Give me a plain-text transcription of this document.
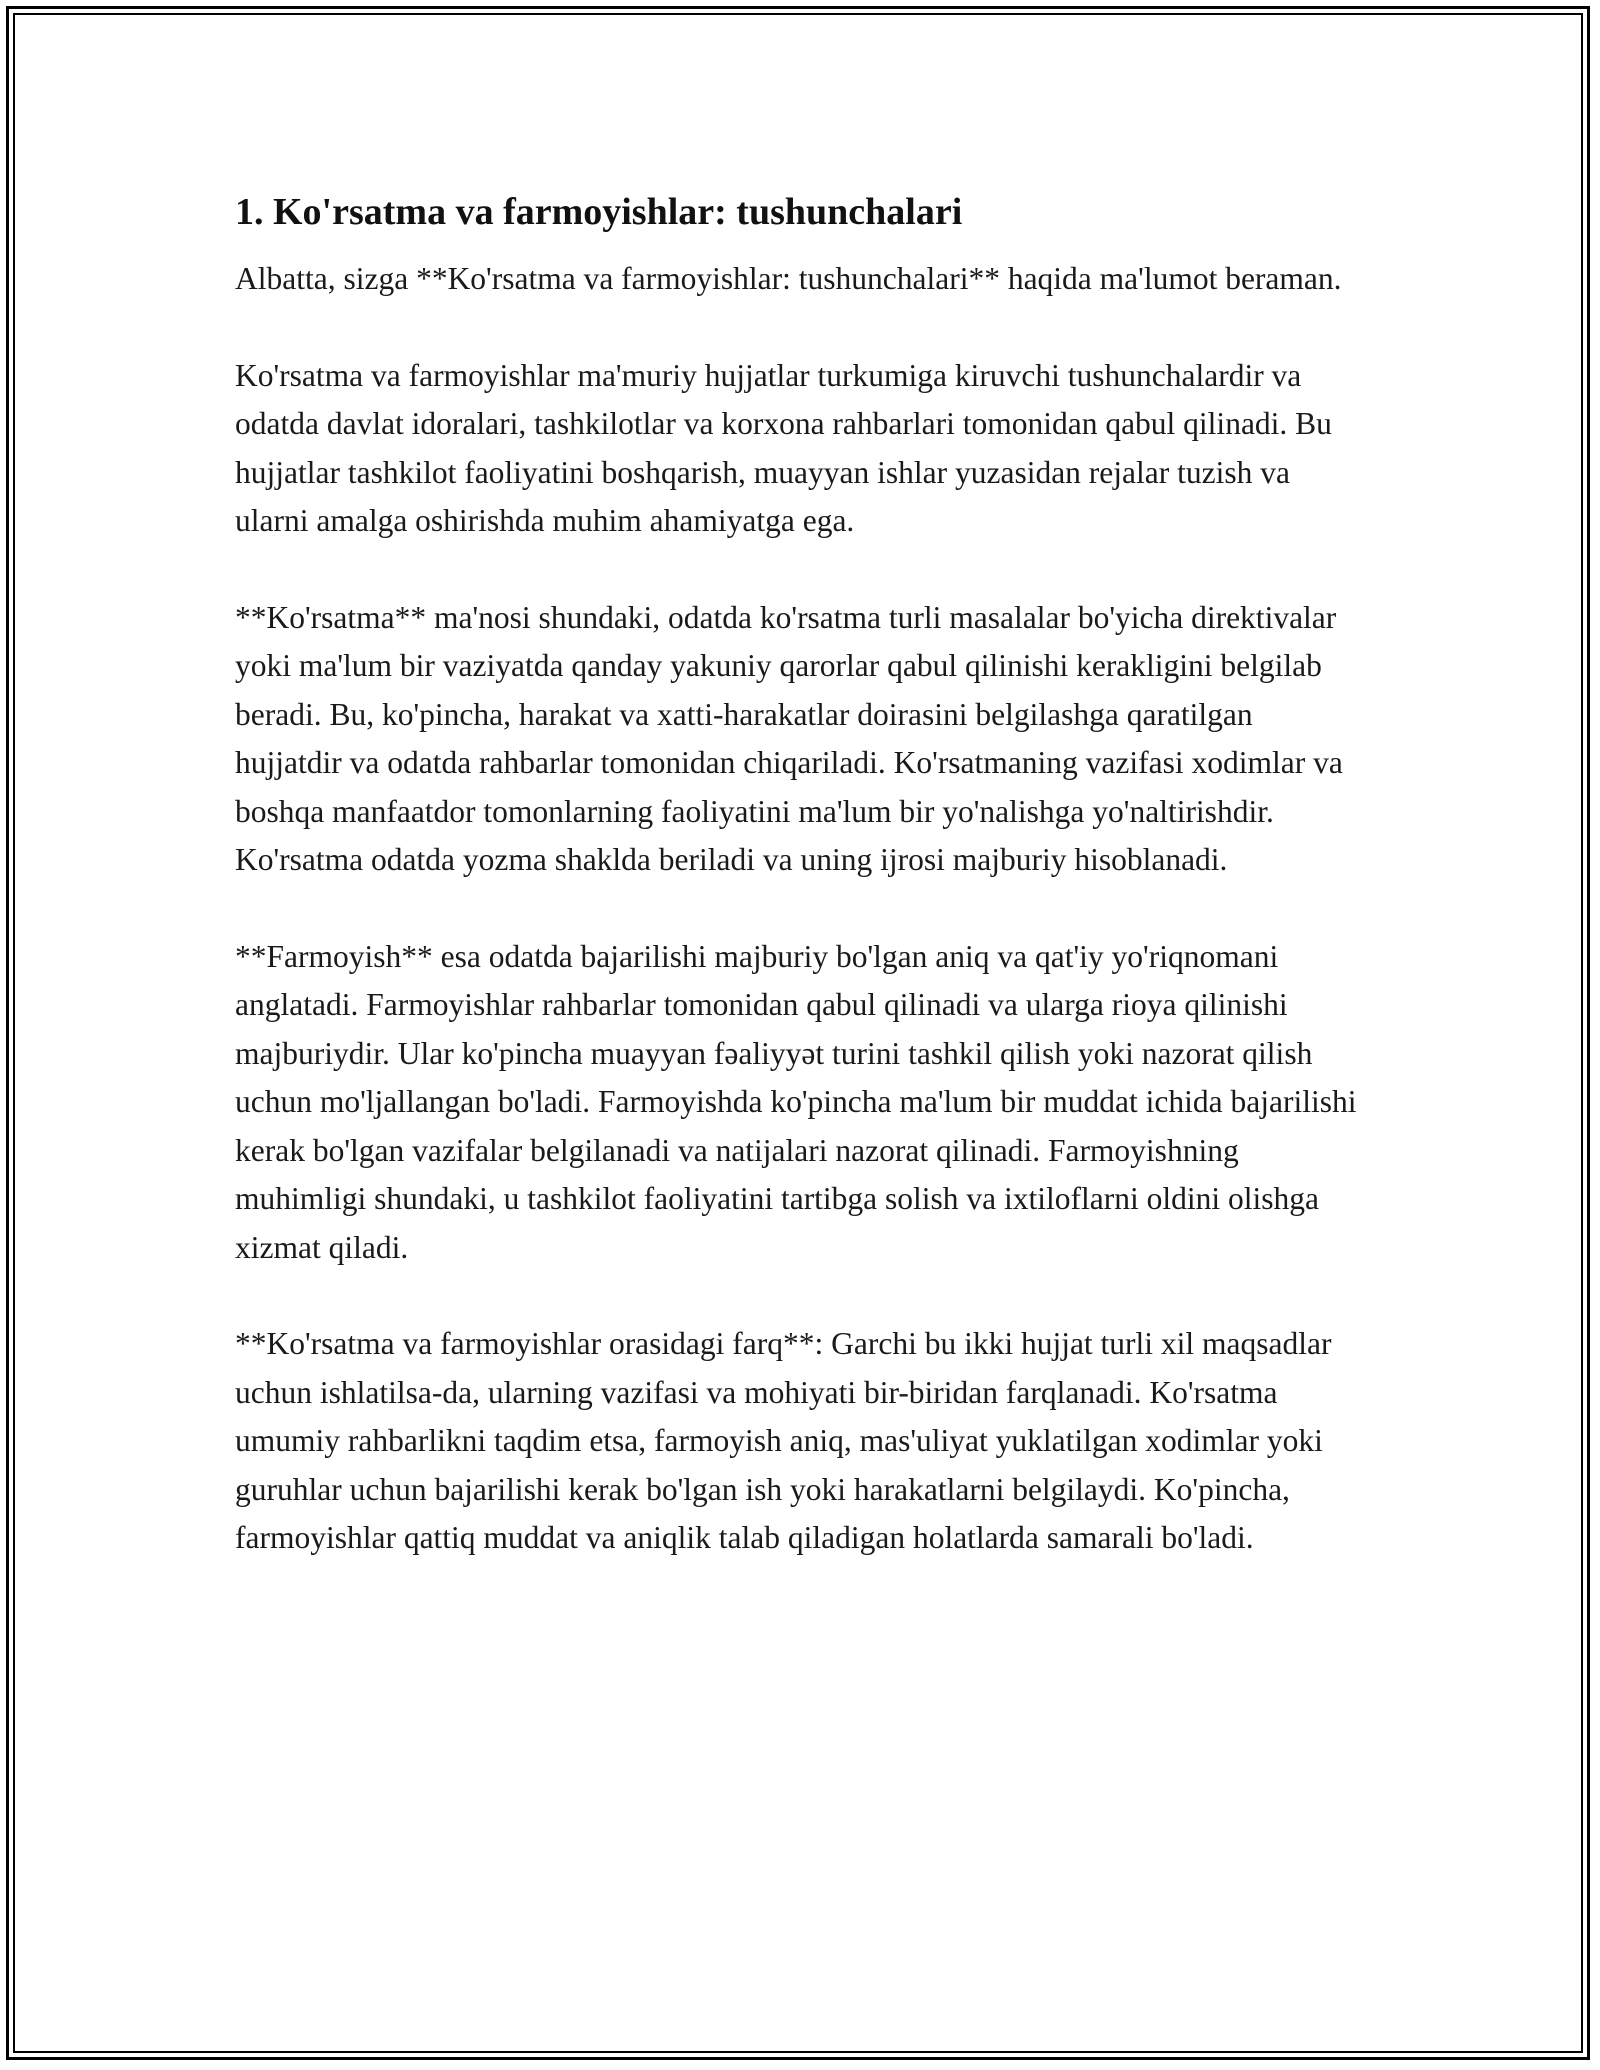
1. Ko'rsatma va farmoyishlar: tushunchalari

Albatta, sizga **Ko'rsatma va farmoyishlar: tushunchalari** haqida ma'lumot beraman.

Ko'rsatma va farmoyishlar ma'muriy hujjatlar turkumiga kiruvchi tushunchalardir va odatda davlat idoralari, tashkilotlar va korxona rahbarlari tomonidan qabul qilinadi. Bu hujjatlar tashkilot faoliyatini boshqarish, muayyan ishlar yuzasidan rejalar tuzish va ularni amalga oshirishda muhim ahamiyatga ega.

**Ko'rsatma** ma'nosi shundaki, odatda ko'rsatma turli masalalar bo'yicha direktivalar yoki ma'lum bir vaziyatda qanday yakuniy qarorlar qabul qilinishi kerakligini belgilab beradi. Bu, ko'pincha, harakat va xatti-harakatlar doirasini belgilashga qaratilgan hujjatdir va odatda rahbarlar tomonidan chiqariladi. Ko'rsatmaning vazifasi xodimlar va boshqa manfaatdor tomonlarning faoliyatini ma'lum bir yo'nalishga yo'naltirishdir. Ko'rsatma odatda yozma shaklda beriladi va uning ijrosi majburiy hisoblanadi.

**Farmoyish** esa odatda bajarilishi majburiy bo'lgan aniq va qat'iy yo'riqnomani anglatadi. Farmoyishlar rahbarlar tomonidan qabul qilinadi va ularga rioya qilinishi majburiydir. Ular ko'pincha muayyan fəaliyyət turini tashkil qilish yoki nazorat qilish uchun mo'ljallangan bo'ladi. Farmoyishda ko'pincha ma'lum bir muddat ichida bajarilishi kerak bo'lgan vazifalar belgilanadi va natijalari nazorat qilinadi. Farmoyishning muhimligi shundaki, u tashkilot faoliyatini tartibga solish va ixtiloflarni oldini olishga xizmat qiladi.

**Ko'rsatma va farmoyishlar orasidagi farq**: Garchi bu ikki hujjat turli xil maqsadlar uchun ishlatilsa-da, ularning vazifasi va mohiyati bir-biridan farqlanadi. Ko'rsatma umumiy rahbarlikni taqdim etsa, farmoyish aniq, mas'uliyat yuklatilgan xodimlar yoki guruhlar uchun bajarilishi kerak bo'lgan ish yoki harakatlarni belgilaydi. Ko'pincha, farmoyishlar qattiq muddat va aniqlik talab qiladigan holatlarda samarali bo'ladi.
